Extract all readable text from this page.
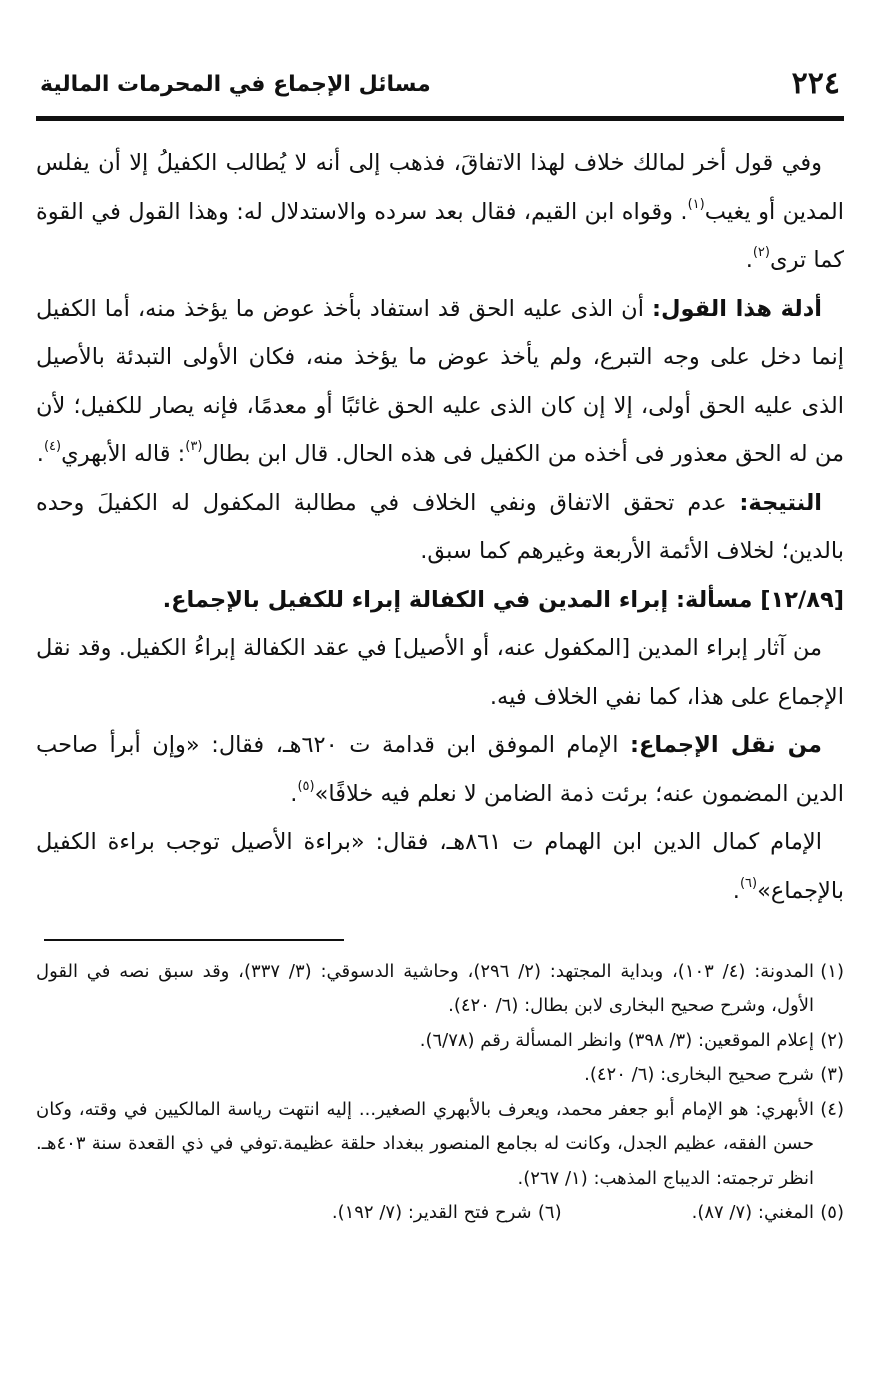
٢٢٤
مسائل الإجماع في المحرمات المالية

وفي قول أخر لمالك خلاف لهذا الاتفاقَ، فذهب إلى أنه لا يُطالب الكفيلُ إلا أن يفلس المدين أو يغيب$^{(١)}$. وقواه ابن القيم، فقال بعد سرده والاستدلال له: وهذا القول في القوة كما ترى$^{(٢)}$.

أدلة هذا القول: أن الذى عليه الحق قد استفاد بأخذ عوض ما يؤخذ منه، أما الكفيل إنما دخل على وجه التبرع، ولم يأخذ عوض ما يؤخذ منه، فكان الأولى التبدئة بالأصيل الذى عليه الحق أولى، إلا إن كان الذى عليه الحق غائبًا أو معدمًا، فإنه يصار للكفيل؛ لأن من له الحق معذور فى أخذه من الكفيل فى هذه الحال. قال ابن بطال$^{(٣)}$: قاله الأبهري$^{(٤)}$.

النتيجة: عدم تحقق الاتفاق ونفي الخلاف في مطالبة المكفول له الكفيلَ وحده بالدين؛ لخلاف الأئمة الأربعة وغيرهم كما سبق.

[١٢/٨٩] مسألة: إبراء المدين في الكفالة إبراء للكفيل بالإجماع.

من آثار إبراء المدين [المكفول عنه، أو الأصيل] في عقد الكفالة إبراءُ الكفيل. وقد نقل الإجماع على هذا، كما نفي الخلاف فيه.

من نقل الإجماع: الإمام الموفق ابن قدامة ت ٦٢٠هـ، فقال: «وإن أبرأ صاحب الدين المضمون عنه؛ برئت ذمة الضامن لا نعلم فيه خلافًا»$^{(٥)}$.

الإمام كمال الدين ابن الهمام ت ٨٦١هـ، فقال: «براءة الأصيل توجب براءة الكفيل بالإجماع»$^{(٦)}$.

(١)
المدونة: (٤/ ١٠٣)، وبداية المجتهد: (٢/ ٢٩٦)، وحاشية الدسوقي: (٣/ ٣٣٧)، وقد سبق نصه في القول الأول، وشرح صحيح البخارى لابن بطال: (٦/ ٤٢٠).
(٢)
إعلام الموقعين: (٣/ ٣٩٨) وانظر المسألة رقم (٦/٧٨).
(٣)
شرح صحيح البخارى: (٦/ ٤٢٠).
(٤)
الأبهري: هو الإمام أبو جعفر محمد، ويعرف بالأبهري الصغير... إليه انتهت رياسة المالكيين في وقته، وكان حسن الفقه، عظيم الجدل، وكانت له بجامع المنصور ببغداد حلقة عظيمة.توفي في ذي القعدة سنة ٤٠٣هـ. انظر ترجمته: الديباج المذهب: (١/ ٢٦٧).
(٥)
المغني: (٧/ ٨٧).
(٦)
شرح فتح القدير: (٧/ ١٩٢).
